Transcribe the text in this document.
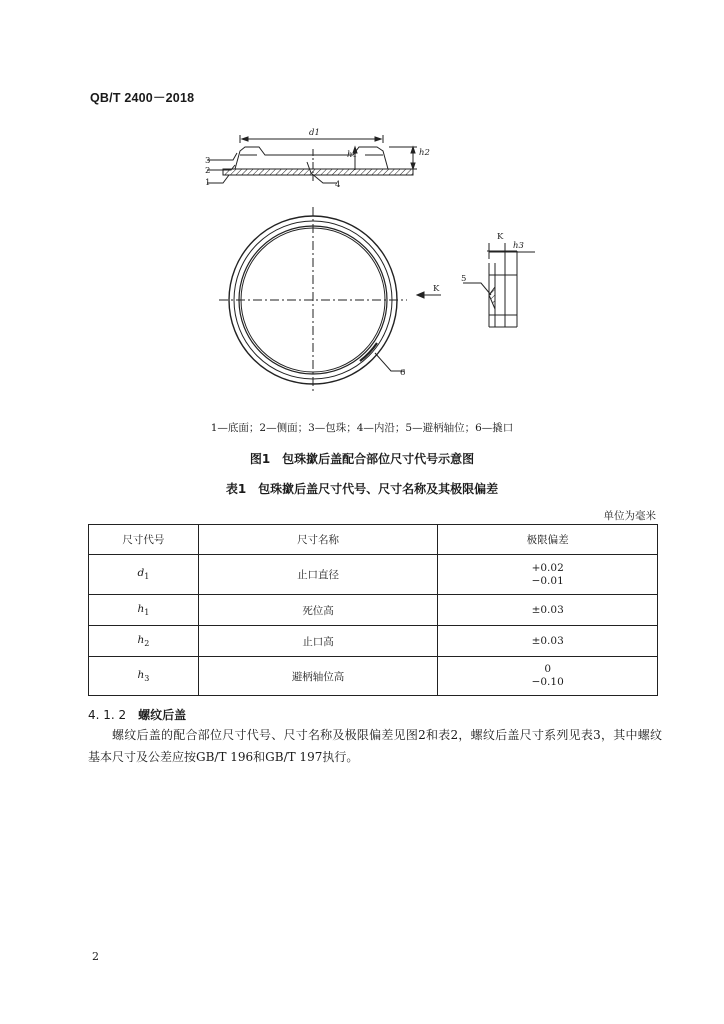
QB/T 2400－2018
d1
h1	h2
h3
K
K
1
2
3
4
5
6
1—底面；2—侧面；3—包珠；4—内沿；5—避柄轴位；6—撬口
图1　包珠撳后盖配合部位尺寸代号示意图
表1　包珠撳后盖尺寸代号、尺寸名称及其极限偏差
单位为毫米
尺寸代号	尺寸名称	极限偏差
$d_1$	止口直径	+0.02
−0.01

$h_1$	死位高	±0.03
$h_2$	止口高	±0.03
$h_3$	避柄轴位高	0
−0.10
4. 1. 2 螺纹后盖
螺纹后盖的配合部位尺寸代号、尺寸名称及极限偏差见图2和表2，螺纹后盖尺寸系列见表3，其中螺纹基本尺寸及公差应按GB/T 196和GB/T 197执行。
2
